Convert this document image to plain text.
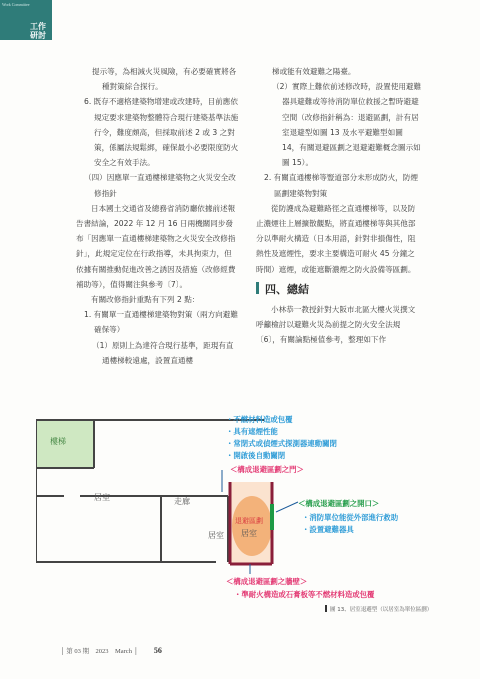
Work Committee
工作
研討

提示等，為相減火災風險，有必要確實將各種對策綜合探行。

6. 既存不適格建築物增建或改建時，目前應依規定要求建築物整體符合現行建築基準法施行令，難度頗高，但採取前述 2 或 3 之對策，係屬法規鬆綁，確保最小必要限度防火安全之有效手法。

（四）因應單一直通樓梯建築物之火災安全改修指針

日本國土交通省及總務省消防廳依據前述報告書結論，2022 年 12 月 16 日兩機關同步發布「因應單一直通樓梯建築物之火災安全改修指針」，此規定定位在行政指導，未具拘束力，但依據有關推動促進改善之誘因及措施（改修經費補助等），值得關注與參考〔7〕。

有關改修指針重點有下列 2 點：

1. 有關單一直通樓梯建築物對策（兩方向避難確保等）

（1）原則上為達符合現行基準，距現有直通樓梯較遠處，設置直通樓

梯或能有效避難之陽臺。

（2）實際上難依前述修改時，設置使用避難器具避難或等待消防單位救援之暫時避避空間（改修指針稱為：退避區劃，計有居室退避型如圖 13 及水平避難型如圖 14，有關退避區劃之退避避難概念圖示如圖 15）。

2. 有關直通樓梯等豎道部分未形成防火，防煙區劃建築物對策

從防護成為避難路徑之直通樓梯等，以及防止濃煙往上層擴散觀點，將直通樓梯等與其他部分以準耐火構造（日本用語，針對非損傷性，阻熱性及遮煙性，要求主要構造可耐火 45 分鐘之時間）遮煙，或能遮斷濃煙之防火設備等區劃。

四、總結

小林恭一教授針對大阪市北區大樓火災撰文呼籲檢討以避難火災為前提之防火安全法規〔6〕，有關論點極值參考，整理如下作

樓梯
居室	走廊
居室
退避區劃
居室
・不燃材料造或包覆
・具有遮煙性能
・常閉式或偵煙式探測器連動關閉
・開啟後自動關閉
＜構成退避區劃之門＞
＜構成退避區劃之開口＞
・消防單位能從外部進行救助
・設置避難器具
＜構成退避區劃之牆壁＞
・準耐火構造或石膏板等不燃材料造或包覆
圖 13、居室退避型（以居室為單位區劃）
│ 第 03 期　2023　March │ 56
